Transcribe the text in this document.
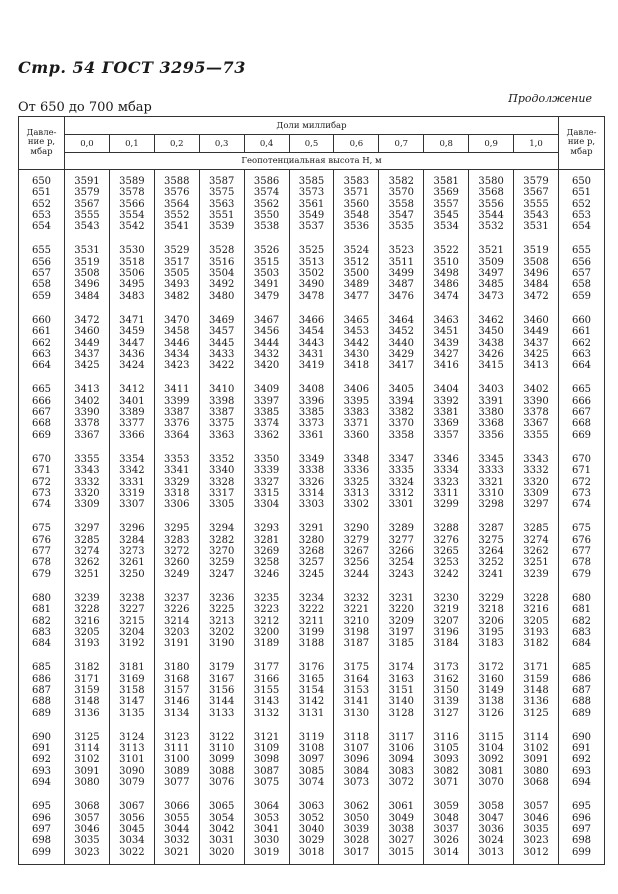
Стр. 54 ГОСТ 3295—73
Продолжение
От 650 до 700 мбар
Давле-ние p, мбар	Доли миллибар											Давле-ние p, мбар
	0,0	0,1	0,2	0,3	0,4	0,5	0,6	0,7	0,8	0,9	1,0	
	Геопотенциальная высота H, м											

650	3591	3589	3588	3587	3586	3585	3583	3582	3581	3580	3579	650
651	3579	3578	3576	3575	3574	3573	3571	3570	3569	3568	3567	651
652	3567	3566	3564	3563	3562	3561	3560	3558	3557	3556	3555	652
653	3555	3554	3552	3551	3550	3549	3548	3547	3545	3544	3543	653
654	3543	3542	3541	3539	3538	3537	3536	3535	3534	3532	3531	654

655	3531	3530	3529	3528	3526	3525	3524	3523	3522	3521	3519	655
656	3519	3518	3517	3516	3515	3513	3512	3511	3510	3509	3508	656
657	3508	3506	3505	3504	3503	3502	3500	3499	3498	3497	3496	657
658	3496	3495	3493	3492	3491	3490	3489	3487	3486	3485	3484	658
659	3484	3483	3482	3480	3479	3478	3477	3476	3474	3473	3472	659

660	3472	3471	3470	3469	3467	3466	3465	3464	3463	3462	3460	660
661	3460	3459	3458	3457	3456	3454	3453	3452	3451	3450	3449	661
662	3449	3447	3446	3445	3444	3443	3442	3440	3439	3438	3437	662
663	3437	3436	3434	3433	3432	3431	3430	3429	3427	3426	3425	663
664	3425	3424	3423	3422	3420	3419	3418	3417	3416	3415	3413	664

665	3413	3412	3411	3410	3409	3408	3406	3405	3404	3403	3402	665
666	3402	3401	3399	3398	3397	3396	3395	3394	3392	3391	3390	666
667	3390	3389	3387	3387	3385	3385	3383	3382	3381	3380	3378	667
668	3378	3377	3376	3375	3374	3373	3371	3370	3369	3368	3367	668
669	3367	3366	3364	3363	3362	3361	3360	3358	3357	3356	3355	669

670	3355	3354	3353	3352	3350	3349	3348	3347	3346	3345	3343	670
671	3343	3342	3341	3340	3339	3338	3336	3335	3334	3333	3332	671
672	3332	3331	3329	3328	3327	3326	3325	3324	3323	3321	3320	672
673	3320	3319	3318	3317	3315	3314	3313	3312	3311	3310	3309	673
674	3309	3307	3306	3305	3304	3303	3302	3301	3299	3298	3297	674

675	3297	3296	3295	3294	3293	3291	3290	3289	3288	3287	3285	675
676	3285	3284	3283	3282	3281	3280	3279	3277	3276	3275	3274	676
677	3274	3273	3272	3270	3269	3268	3267	3266	3265	3264	3262	677
678	3262	3261	3260	3259	3258	3257	3256	3254	3253	3252	3251	678
679	3251	3250	3249	3247	3246	3245	3244	3243	3242	3241	3239	679

680	3239	3238	3237	3236	3235	3234	3232	3231	3230	3229	3228	680
681	3228	3227	3226	3225	3223	3222	3221	3220	3219	3218	3216	681
682	3216	3215	3214	3213	3212	3211	3210	3209	3207	3206	3205	682
683	3205	3204	3203	3202	3200	3199	3198	3197	3196	3195	3193	683
684	3193	3192	3191	3190	3189	3188	3187	3185	3184	3183	3182	684

685	3182	3181	3180	3179	3177	3176	3175	3174	3173	3172	3171	685
686	3171	3169	3168	3167	3166	3165	3164	3163	3162	3160	3159	686
687	3159	3158	3157	3156	3155	3154	3153	3151	3150	3149	3148	687
688	3148	3147	3146	3144	3143	3142	3141	3140	3139	3138	3136	688
689	3136	3135	3134	3133	3132	3131	3130	3128	3127	3126	3125	689

690	3125	3124	3123	3122	3121	3119	3118	3117	3116	3115	3114	690
691	3114	3113	3111	3110	3109	3108	3107	3106	3105	3104	3102	691
692	3102	3101	3100	3099	3098	3097	3096	3094	3093	3092	3091	692
693	3091	3090	3089	3088	3087	3085	3084	3083	3082	3081	3080	693
694	3080	3079	3077	3076	3075	3074	3073	3072	3071	3070	3068	694

695	3068	3067	3066	3065	3064	3063	3062	3061	3059	3058	3057	695
696	3057	3056	3055	3054	3053	3052	3050	3049	3048	3047	3046	696
697	3046	3045	3044	3042	3041	3040	3039	3038	3037	3036	3035	697
698	3035	3034	3032	3031	3030	3029	3028	3027	3026	3024	3023	698
699	3023	3022	3021	3020	3019	3018	3017	3015	3014	3013	3012	699
